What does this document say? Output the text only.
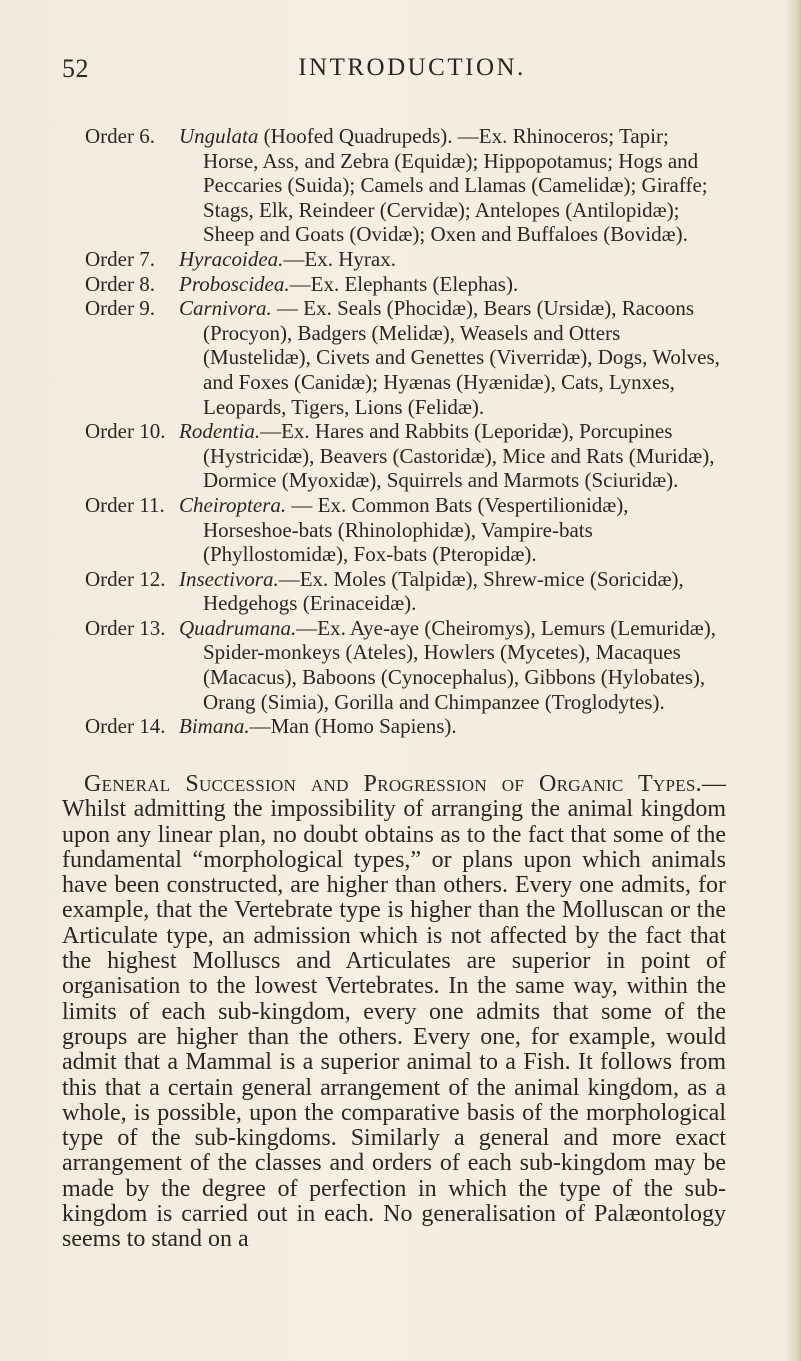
52	INTRODUCTION.
Order 6. Ungulata (Hoofed Quadrupeds). —Ex. Rhinoceros; Tapir; Horse, Ass, and Zebra (Equidæ); Hippopotamus; Hogs and Peccaries (Suida); Camels and Llamas (Camelidæ); Giraffe; Stags, Elk, Reindeer (Cervidæ); Antelopes (Antilopidæ); Sheep and Goats (Ovidæ); Oxen and Buffaloes (Bovidæ).
Order 7. Hyracoidea.—Ex. Hyrax.
Order 8. Proboscidea.—Ex. Elephants (Elephas).
Order 9. Carnivora. — Ex. Seals (Phocidæ), Bears (Ursidæ), Racoons (Procyon), Badgers (Melidæ), Weasels and Otters (Mustelidæ), Civets and Genettes (Viverridæ), Dogs, Wolves, and Foxes (Canidæ); Hyænas (Hyænidæ), Cats, Lynxes, Leopards, Tigers, Lions (Felidæ).
Order 10. Rodentia.—Ex. Hares and Rabbits (Leporidæ), Porcupines (Hystricidæ), Beavers (Castoridæ), Mice and Rats (Muridæ), Dormice (Myoxidæ), Squirrels and Marmots (Sciuridæ).
Order 11. Cheiroptera. — Ex. Common Bats (Vespertilionidæ), Horseshoe-bats (Rhinolophidæ), Vampire-bats (Phyllostomidæ), Fox-bats (Pteropidæ).
Order 12. Insectivora.—Ex. Moles (Talpidæ), Shrew-mice (Soricidæ), Hedgehogs (Erinaceidæ).
Order 13. Quadrumana.—Ex. Aye-aye (Cheiromys), Lemurs (Lemuridæ), Spider-monkeys (Ateles), Howlers (Mycetes), Macaques (Macacus), Baboons (Cynocephalus), Gibbons (Hylobates), Orang (Simia), Gorilla and Chimpanzee (Troglodytes).
Order 14. Bimana.—Man (Homo Sapiens).

General Succession and Progression of Organic Types.—Whilst admitting the impossibility of arranging the animal kingdom upon any linear plan, no doubt obtains as to the fact that some of the fundamental “morphological types,” or plans upon which animals have been constructed, are higher than others. Every one admits, for example, that the Vertebrate type is higher than the Molluscan or the Articulate type, an admission which is not affected by the fact that the highest Molluscs and Articulates are superior in point of organisation to the lowest Vertebrates. In the same way, within the limits of each sub-kingdom, every one admits that some of the groups are higher than the others. Every one, for example, would admit that a Mammal is a superior animal to a Fish. It follows from this that a certain general arrangement of the animal kingdom, as a whole, is possible, upon the comparative basis of the morphological type of the sub-kingdoms. Similarly a general and more exact arrangement of the classes and orders of each sub-kingdom may be made by the degree of perfection in which the type of the sub-kingdom is carried out in each. No generalisation of Palæontology seems to stand on a
